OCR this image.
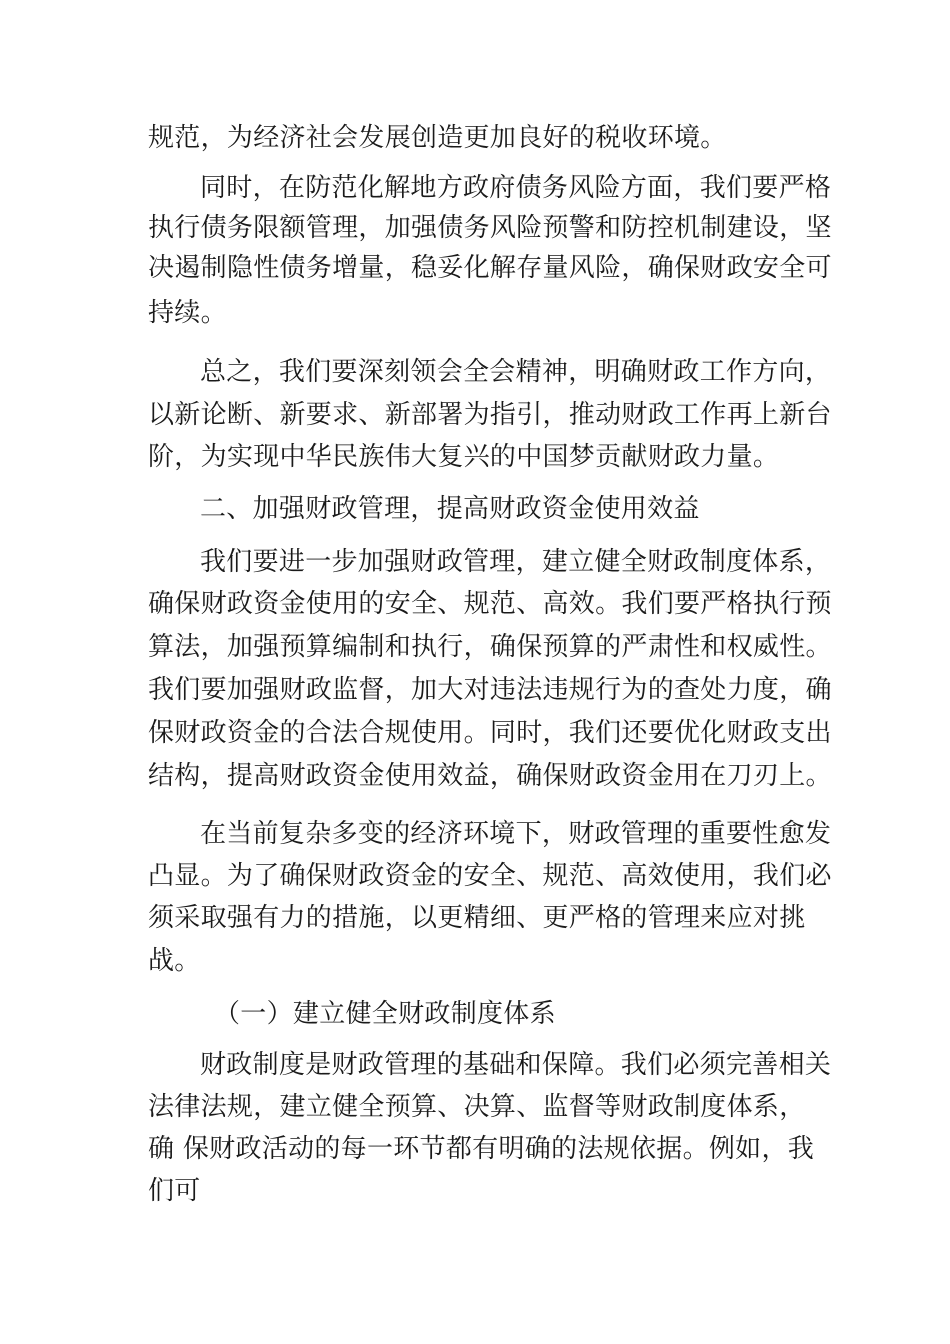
规范，为经济社会发展创造更加良好的税收环境。
同时，在防范化解地方政府债务风险方面，我们要严格
执行债务限额管理，加强债务风险预警和防控机制建设，坚
决遏制隐性债务增量，稳妥化解存量风险，确保财政安全可
持续。
总之，我们要深刻领会全会精神，明确财政工作方向，
以新论断、新要求、新部署为指引，推动财政工作再上新台
阶，为实现中华民族伟大复兴的中国梦贡献财政力量。
二、加强财政管理，提高财政资金使用效益
我们要进一步加强财政管理，建立健全财政制度体系，
确保财政资金使用的安全、规范、高效。我们要严格执行预
算法，加强预算编制和执行，确保预算的严肃性和权威性。
我们要加强财政监督，加大对违法违规行为的查处力度，确
保财政资金的合法合规使用。同时，我们还要优化财政支出
结构，提高财政资金使用效益，确保财政资金用在刀刃上。
在当前复杂多变的经济环境下，财政管理的重要性愈发
凸显。为了确保财政资金的安全、规范、高效使用，我们必
须采取强有力的措施，以更精细、更严格的管理来应对挑
战。
（一）建立健全财政制度体系
财政制度是财政管理的基础和保障。我们必须完善相关
法律法规，建立健全预算、决算、监督等财政制度体系，
确 保财政活动的每一环节都有明确的法规依据。例如，我
们可
